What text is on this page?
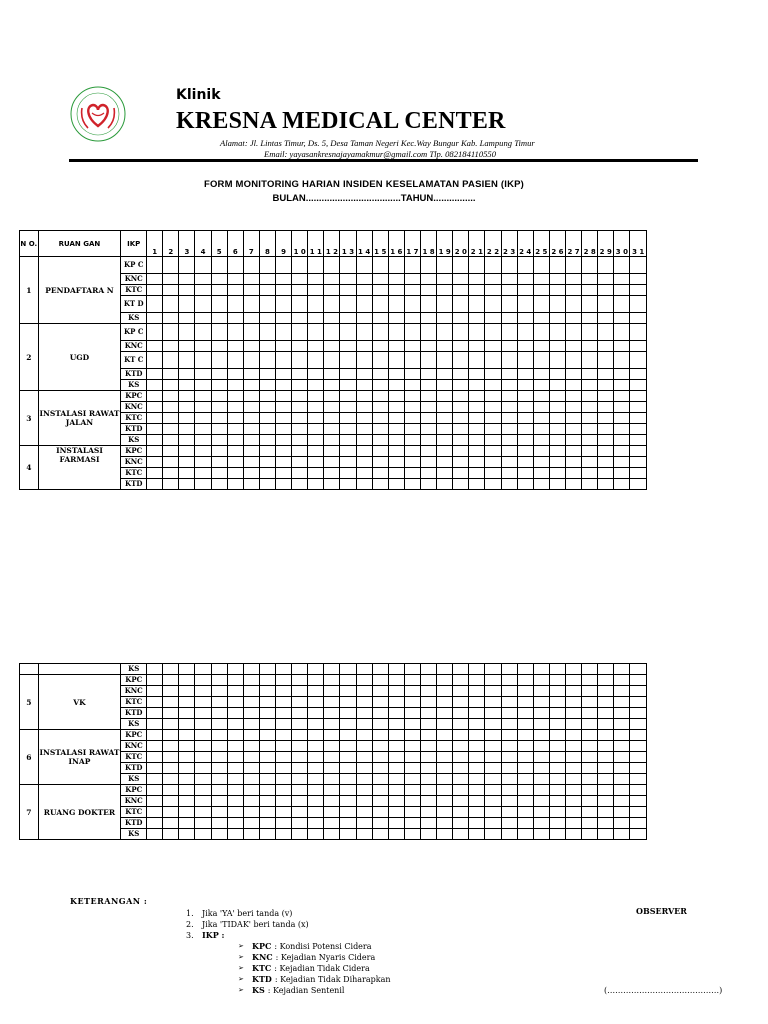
Klinik
KRESNA MEDICAL CENTER
Alamat: Jl. Lintas Timur, Ds. 5, Desa Taman Negeri Kec.Way Bungur Kab. Lampung Timur
Email: yayasankresnajayamakmur@gmail.com Tlp. 082184110550
FORM MONITORING HARIAN INSIDEN KESELAMATAN PASIEN (IKP)
BULAN....................................TAHUN................
N O.	RUAN GAN	IKP	1	2	3	4	5	6	7	8	9	1 0	1 1	1 2	1 3	1 4	1 5	1 6	1 7	1 8	1 9	2 0	2 1	2 2	2 3	2 4	2 5	2 6	2 7	2 8	2 9	3 0	3 1
1	PENDAFTARA N	KP C																															
		KNC																															
		KTC																															
		KT D																															
		KS																															
2	UGD	KP C																															
		KNC																															
		KT C																															
		KTD																															
		KS																															
3	INSTALASI RAWAT JALAN	KPC																															
		KNC																															
		KTC																															
		KTD																															
		KS																															
4	INSTALASI FARMASI	KPC																															
		KNC																															
		KTC																															
		KTD																															
		KS																															
5	VK	KPC																															
		KNC																															
		KTC																															
		KTD																															
		KS																															
6	INSTALASI RAWAT INAP	KPC																															
		KNC																															
		KTC																															
		KTD																															
		KS																															
7	RUANG DOKTER	KPC																															
		KNC																															
		KTC																															
		KTD																															
		KS																															
KETERANGAN :
OBSERVER
(……………………………………)
1.	Jika 'YA' beri tanda (v)
2.	Jika 'TIDAK' beri tanda (x)
3.	IKP :
➢	KPC : Kondisi Potensi Cidera
➢	KNC : Kejadian Nyaris Cidera
➢	KTC : Kejadian Tidak Cidera
➢	KTD : Kejadian Tidak Diharapkan
➢	KS : Kejadian Sentenil
